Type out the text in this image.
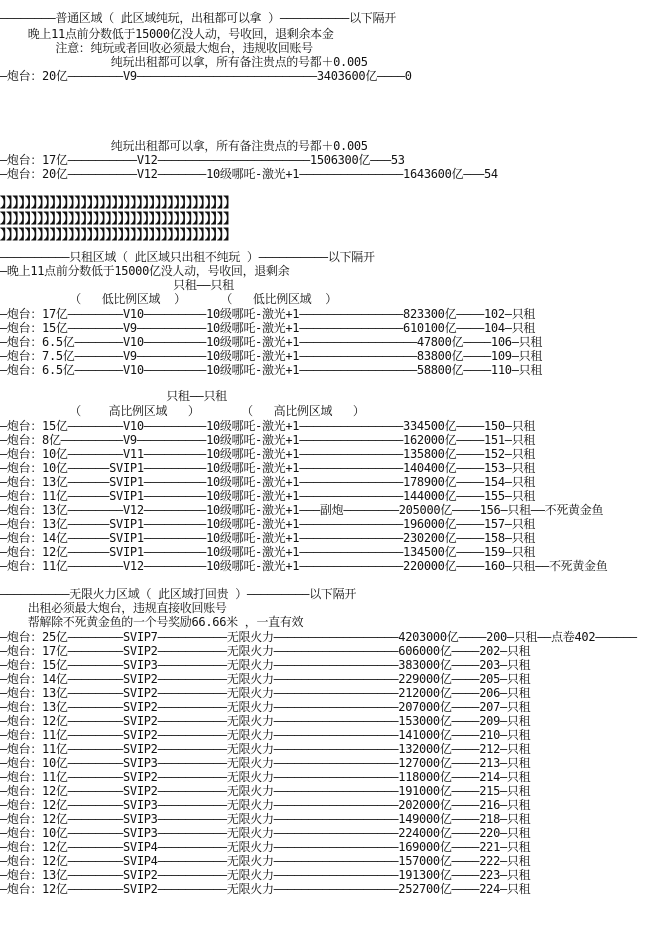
————————普通区域（ 此区域纯玩，出租都可以拿 ）——————————以下隔开
晚上11点前分数低于15000亿没人动，号收回，退剩余本金
注意：纯玩或者回收必须最大炮台，违规收回账号
纯玩出租都可以拿，所有备注贵点的号都＋0.005
—炮台：20亿————————V9——————————————————————————3403600亿————0
纯玩出租都可以拿，所有备注贵点的号都＋0.005
—炮台：17亿——————————V12——————————————————————1506300亿———53
—炮台：20亿——————————V12———————10级哪吒-激光+1———————————————1643600亿———54
】】】】】】】】】】】】】】】】】】】】】】】】】】】】】】】】】】】】】
】】】】】】】】】】】】】】】】】】】】】】】】】】】】】】】】】】】】】
】】】】】】】】】】】】】】】】】】】】】】】】】】】】】】】】】】】】】
——————————只租区域（ 此区域只出租不纯玩 ）——————————以下隔开
—晚上11点前分数低于15000亿没人动，号收回，退剩余
只租——只租
（   低比例区域  ）     （   低比例区域  ）
—炮台：17亿————————V10—————————10级哪吒-激光+1———————————————823300亿————102—只租
—炮台：15亿————————V9——————————10级哪吒-激光+1———————————————610100亿————104—只租
—炮台：6.5亿———————V10—————————10级哪吒-激光+1—————————————————47800亿————106—只租
—炮台：7.5亿———————V9——————————10级哪吒-激光+1—————————————————83800亿————109—只租
—炮台：6.5亿———————V10—————————10级哪吒-激光+1—————————————————58800亿————110—只租
只租——只租
（    高比例区域   ）      （   高比例区域   ）
—炮台：15亿————————V10—————————10级哪吒-激光+1———————————————334500亿————150—只租
—炮台：8亿—————————V9——————————10级哪吒-激光+1———————————————162000亿————151—只租
—炮台：10亿————————V11—————————10级哪吒-激光+1———————————————135800亿————152—只租
—炮台：10亿——————SVIP1—————————10级哪吒-激光+1———————————————140400亿————153—只租
—炮台：13亿——————SVIP1—————————10级哪吒-激光+1———————————————178900亿————154—只租
—炮台：11亿——————SVIP1—————————10级哪吒-激光+1———————————————144000亿————155—只租
—炮台：13亿————————V12—————————10级哪吒-激光+1———副炮————————205000亿————156—只租——不死黄金鱼
—炮台：13亿——————SVIP1—————————10级哪吒-激光+1———————————————196000亿————157—只租
—炮台：14亿——————SVIP1—————————10级哪吒-激光+1———————————————230200亿————158—只租
—炮台：12亿——————SVIP1—————————10级哪吒-激光+1———————————————134500亿————159—只租
—炮台：11亿————————V12—————————10级哪吒-激光+1———————————————220000亿————160—只租——不死黄金鱼
——————————无限火力区域（ 此区域打回贵 ）—————————以下隔开
出租必须最大炮台，违规直接收回账号
帮解除不死黄金鱼的一个号奖励66.66米 ，一直有效
—炮台：25亿————————SVIP7——————————无限火力——————————————————4203000亿————200—只租——点卷402——————
—炮台：17亿————————SVIP2——————————无限火力——————————————————606000亿————202—只租
—炮台：15亿————————SVIP3——————————无限火力——————————————————383000亿————203—只租
—炮台：14亿————————SVIP2——————————无限火力——————————————————229000亿————205—只租
—炮台：13亿————————SVIP2——————————无限火力——————————————————212000亿————206—只租
—炮台：13亿————————SVIP2——————————无限火力——————————————————207000亿————207—只租
—炮台：12亿————————SVIP2——————————无限火力——————————————————153000亿————209—只租
—炮台：11亿————————SVIP2——————————无限火力——————————————————141000亿————210—只租
—炮台：11亿————————SVIP2——————————无限火力——————————————————132000亿————212—只租
—炮台：10亿————————SVIP3——————————无限火力——————————————————127000亿————213—只租
—炮台：11亿————————SVIP2——————————无限火力——————————————————118000亿————214—只租
—炮台：12亿————————SVIP2——————————无限火力——————————————————191000亿————215—只租
—炮台：12亿————————SVIP3——————————无限火力——————————————————202000亿————216—只租
—炮台：12亿————————SVIP3——————————无限火力——————————————————149000亿————218—只租
—炮台：10亿————————SVIP3——————————无限火力——————————————————224000亿————220—只租
—炮台：12亿————————SVIP4——————————无限火力——————————————————169000亿————221—只租
—炮台：12亿————————SVIP4——————————无限火力——————————————————157000亿————222—只租
—炮台：13亿————————SVIP2——————————无限火力——————————————————191300亿————223—只租
—炮台：12亿————————SVIP2——————————无限火力——————————————————252700亿————224—只租
